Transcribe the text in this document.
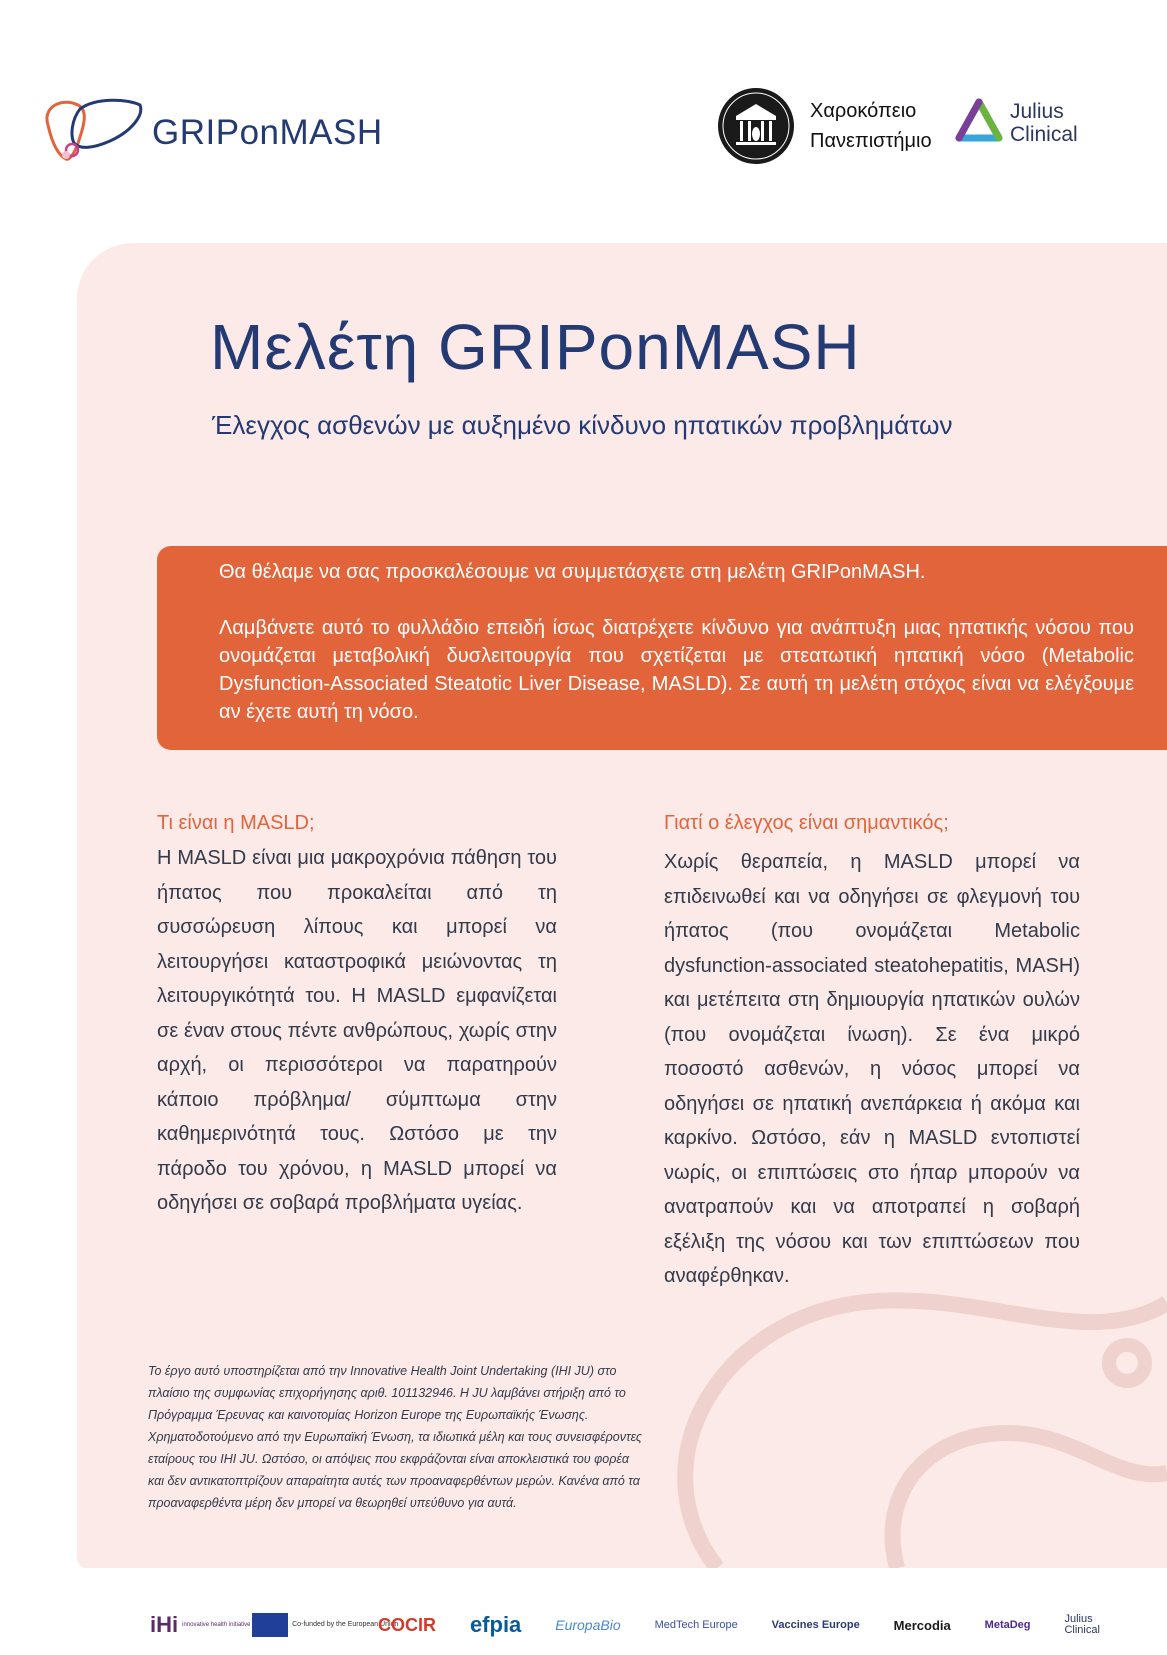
GRIPonMASH
Χαροκόπειο
Πανεπιστήμιο
Julius
Clinical
Μελέτη GRIPonMASH
Έλεγχος ασθενών με αυξημένο κίνδυνο ηπατικών προβλημάτων

Θα θέλαμε να σας προσκαλέσουμε να συμμετάσχετε στη μελέτη GRIPonMASH.

Λαμβάνετε αυτό το φυλλάδιο επειδή ίσως διατρέχετε κίνδυνο για ανάπτυξη μιας ηπατικής νόσου που ονομάζεται μεταβολική δυσλειτουργία που σχετίζεται με στεατωτική ηπατική νόσο (Metabolic Dysfunction-Associated Steatotic Liver Disease, MASLD). Σε αυτή τη μελέτη στόχος είναι να ελέγξουμε αν έχετε αυτή τη νόσο.

Τι είναι η MASLD;

Η MASLD είναι μια μακροχρόνια πάθηση του ήπατος που προκαλείται από τη συσσώρευση λίπους και μπορεί να λειτουργήσει καταστροφικά μειώνοντας τη λειτουργικότητά του. Η MASLD εμφανίζεται σε έναν στους πέντε ανθρώπους, χωρίς στην αρχή, οι περισσότεροι να παρατηρούν κάποιο πρόβλημα/ σύμπτωμα στην καθημερινότητά τους. Ωστόσο με την πάροδο του χρόνου, η MASLD μπορεί να οδηγήσει σε σοβαρά προβλήματα υγείας.

Γιατί ο έλεγχος είναι σημαντικός;

Χωρίς θεραπεία, η MASLD μπορεί να επιδεινωθεί και να οδηγήσει σε φλεγμονή του ήπατος (που ονομάζεται Metabolic dysfunction-associated steatohepatitis, MASH) και μετέπειτα στη δημιουργία ηπατικών ουλών (που ονομάζεται ίνωση). Σε ένα μικρό ποσοστό ασθενών, η νόσος μπορεί να οδηγήσει σε ηπατική ανεπάρκεια ή ακόμα και καρκίνο. Ωστόσο, εάν η MASLD εντοπιστεί νωρίς, οι επιπτώσεις στο ήπαρ μπορούν να ανατραπούν και να αποτραπεί η σοβαρή εξέλιξη της νόσου και των επιπτώσεων που αναφέρθηκαν.

Το έργο αυτό υποστηρίζεται από την Innovative Health Joint Undertaking (IHI JU) στο πλαίσιο της συμφωνίας επιχορήγησης αριθ. 101132946. Η JU λαμβάνει στήριξη από το Πρόγραμμα Έρευνας και καινοτομίας Horizon Europe της Ευρωπαϊκής Ένωσης.
Χρηματοδοτούμενο από την Ευρωπαϊκή Ένωση, τα ιδιωτικά μέλη και τους συνεισφέροντες εταίρους του IHI JU. Ωστόσο, οι απόψεις που εκφράζονται είναι αποκλειστικά του φορέα και δεν αντικατοπτρίζουν απαραίτητα αυτές των προαναφερθέντων μερών. Κανένα από τα προαναφερθέντα μέρη δεν μπορεί να θεωρηθεί υπεύθυνο για αυτά.
iHi innovative health initiative	Co-funded by the European Union
COCIR efpia EuropaBio	MedTech Europe	Vaccines Europe	Mercodia	MetaDeg	Julius
Clinical
